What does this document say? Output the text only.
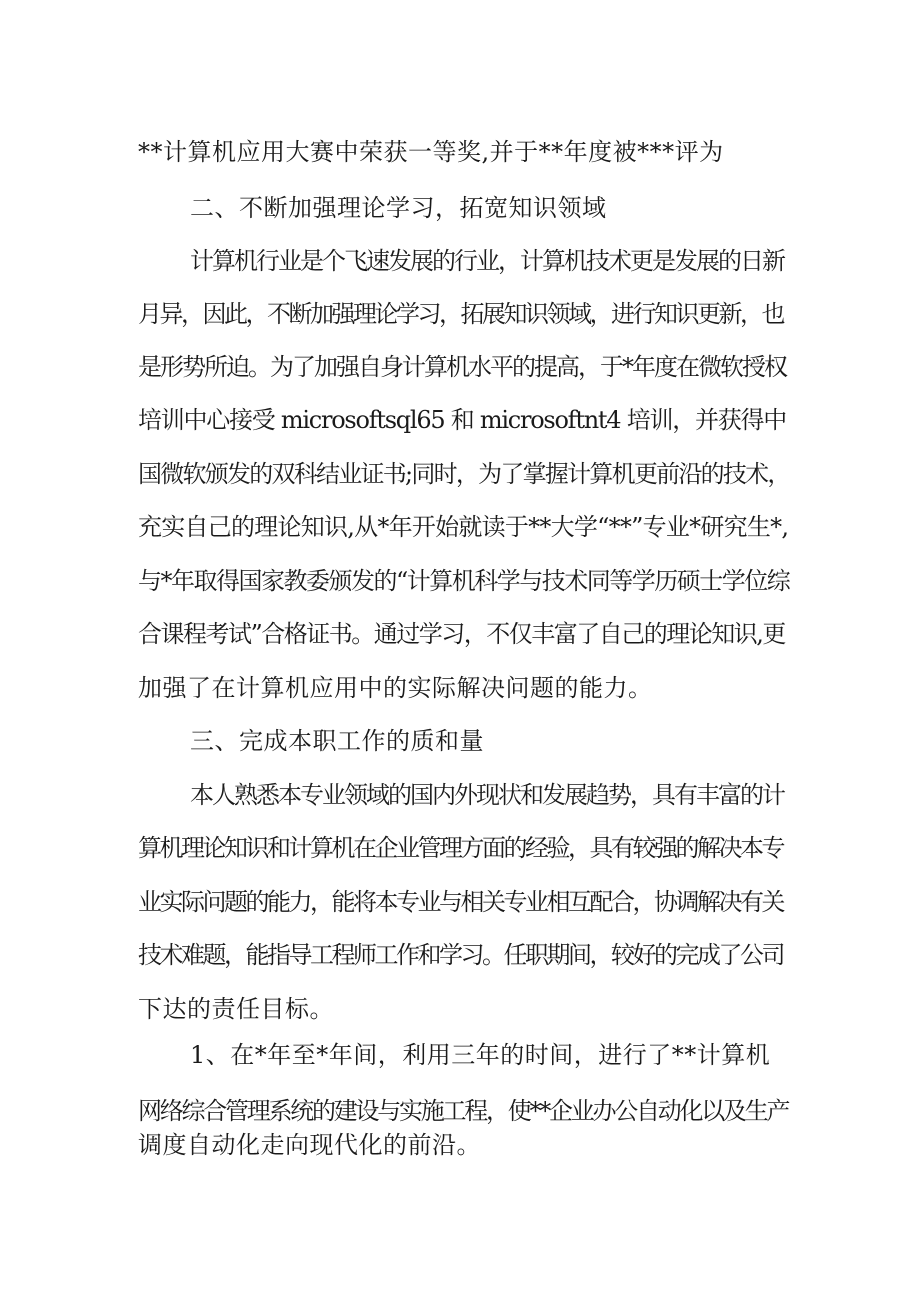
**计算机应用大赛中荣获一等奖,并于**年度被***评为
二、不断加强理论学习，拓宽知识领域
计算机行业是个飞速发展的行业，计算机技术更是发展的日新
月异，因此，不断加强理论学习，拓展知识领域，进行知识更新，也
是形势所迫。为了加强自身计算机水平的提高，于*年度在微软授权
培训中心接受 microsoftsql65 和 microsoftnt4 培训，并获得中
国微软颁发的双科结业证书;同时，为了掌握计算机更前沿的技术，
充实自己的理论知识,从*年开始就读于**大学“**”专业*研究生*,
与*年取得国家教委颁发的“计算机科学与技术同等学历硕士学位综
合课程考试”合格证书。通过学习，不仅丰富了自己的理论知识,更
加强了在计算机应用中的实际解决问题的能力。
三、完成本职工作的质和量
本人熟悉本专业领域的国内外现状和发展趋势，具有丰富的计
算机理论知识和计算机在企业管理方面的经验，具有较强的解决本专
业实际问题的能力，能将本专业与相关专业相互配合，协调解决有关
技术难题，能指导工程师工作和学习。任职期间，较好的完成了公司
下达的责任目标。
1、在*年至*年间，利用三年的时间，进行了**计算机
网络综合管理系统的建设与实施工程，使**企业办公自动化以及生产
调度自动化走向现代化的前沿。
